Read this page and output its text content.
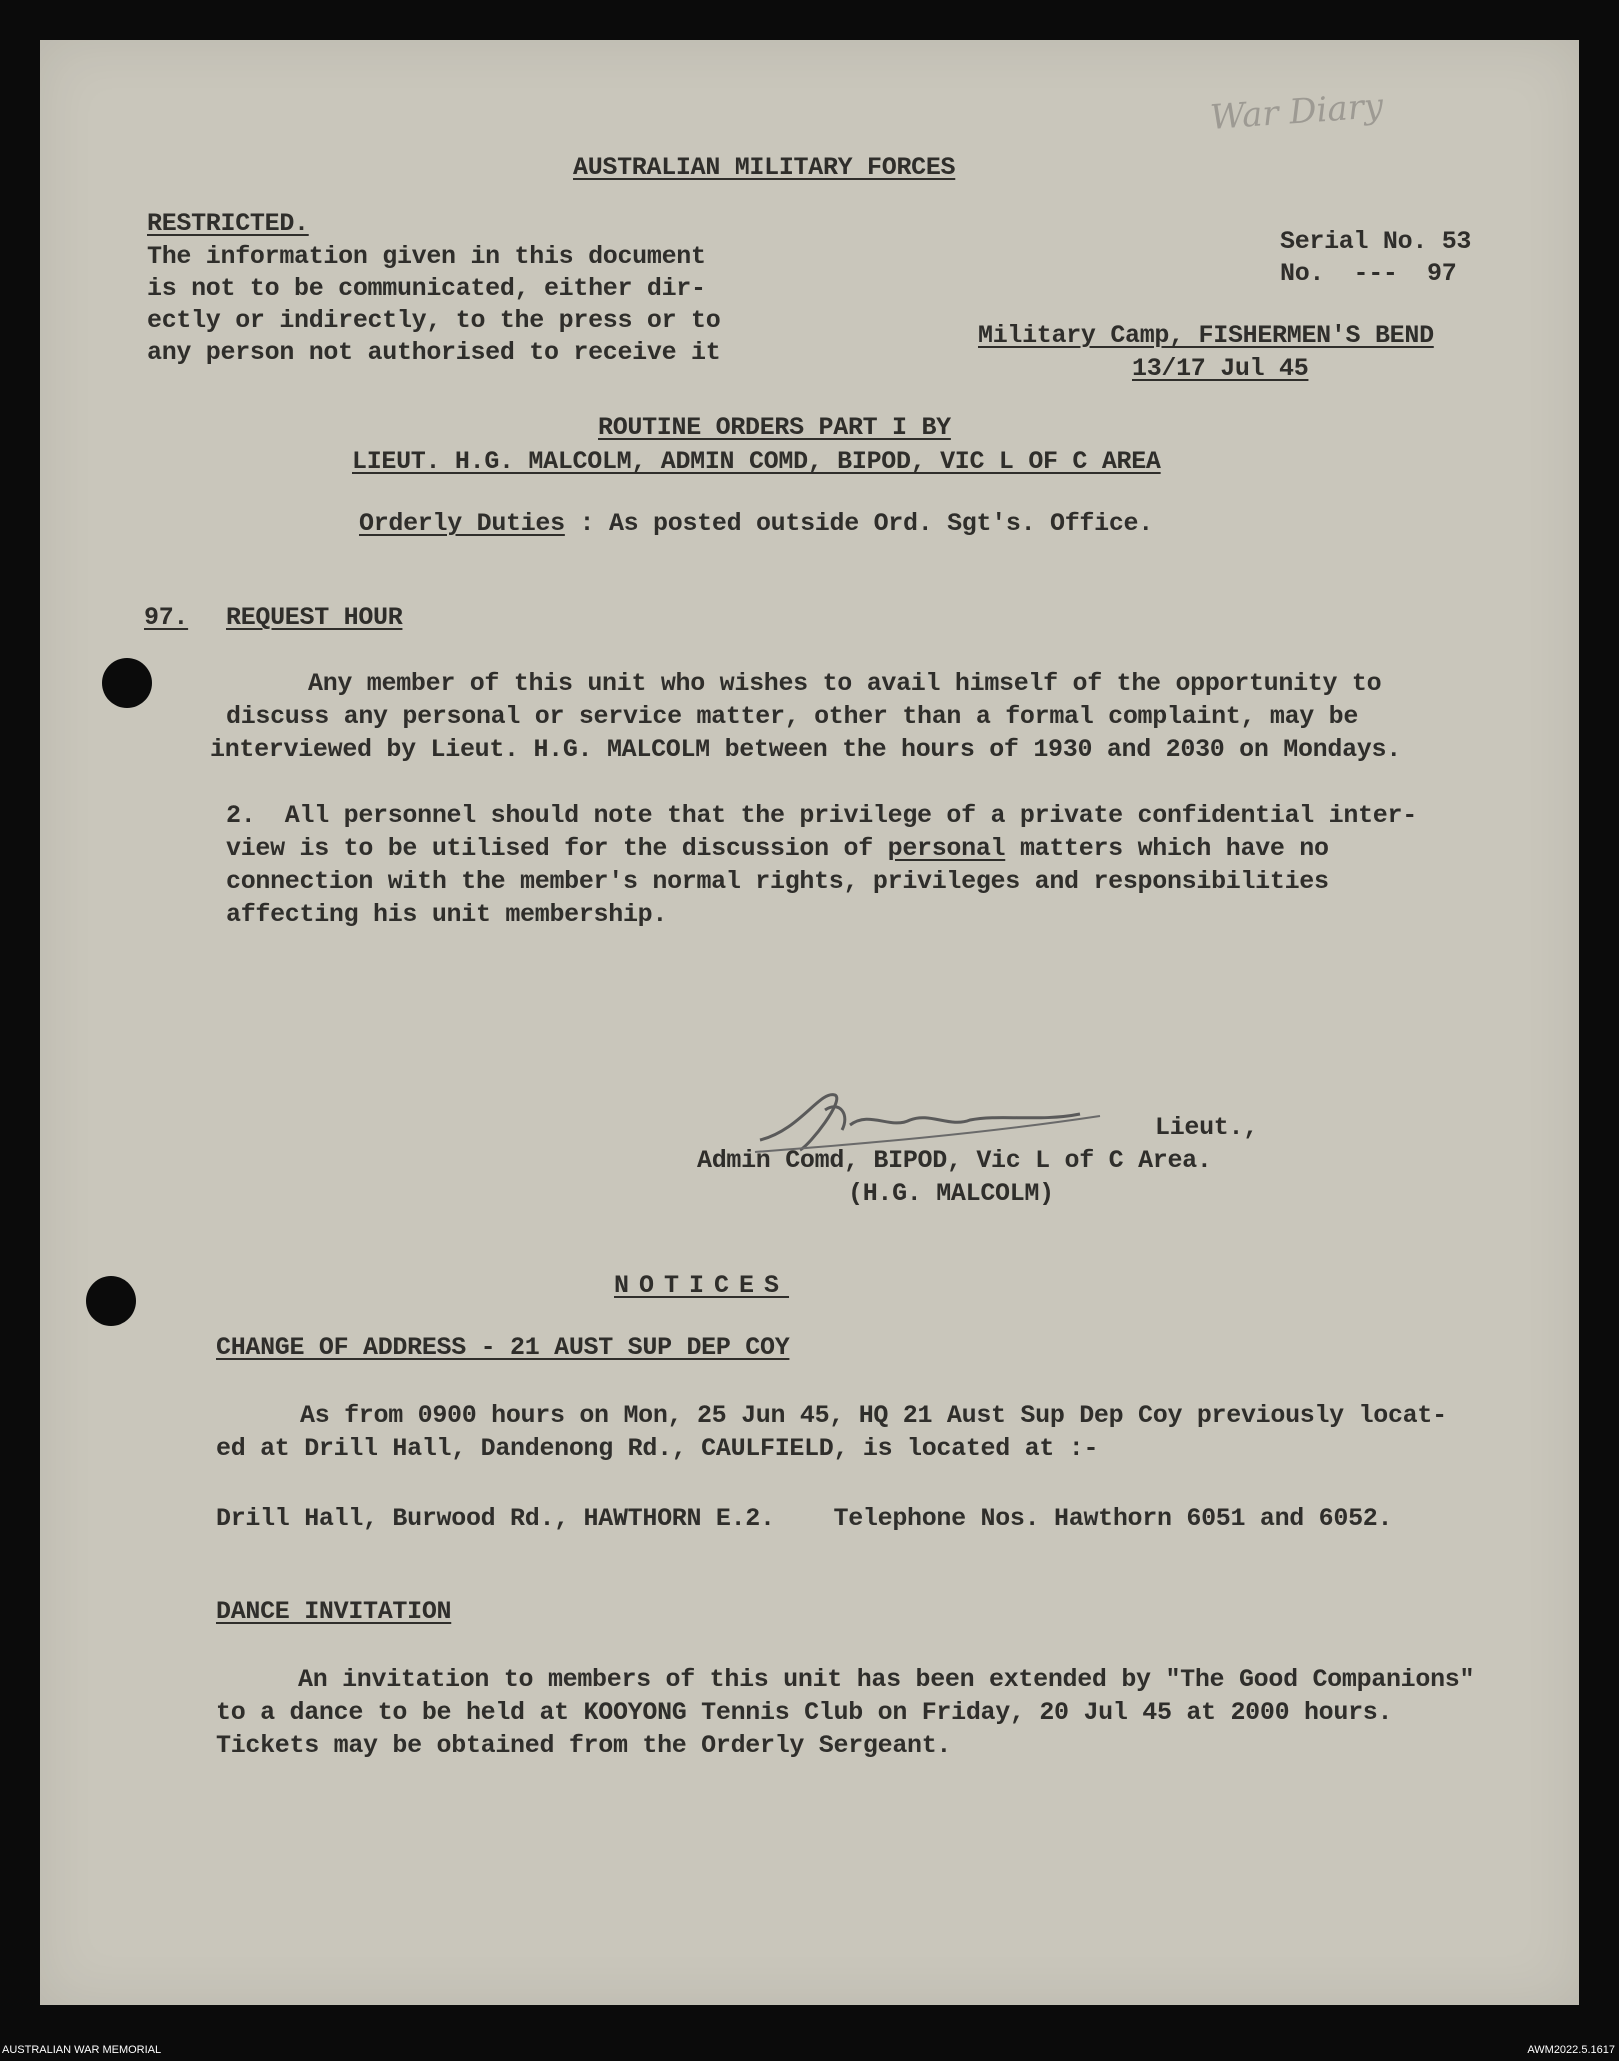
War Diary
AUSTRALIAN MILITARY FORCES
RESTRICTED.
The information given in this document
is not to be communicated, either dir-
ectly or indirectly, to the press or to
any person not authorised to receive it
Serial No. 53
No.  ---  97
Military Camp, FISHERMEN'S BEND
13/17 Jul 45
ROUTINE ORDERS PART I BY
LIEUT. H.G. MALCOLM, ADMIN COMD, BIPOD, VIC L OF C AREA
Orderly Duties : As posted outside Ord. Sgt's. Office.
97. REQUEST HOUR
Any member of this unit who wishes to avail himself of the opportunity to
discuss any personal or service matter, other than a formal complaint, may be
interviewed by Lieut. H.G. MALCOLM between the hours of 1930 and 2030 on Mondays.
2.  All personnel should note that the privilege of a private confidential inter-
view is to be utilised for the discussion of personal matters which have no
connection with the member's normal rights, privileges and responsibilities
affecting his unit membership.
Lieut.,
Admin Comd, BIPOD, Vic L of C Area.
(H.G. MALCOLM)
NOTICES
CHANGE OF ADDRESS - 21 AUST SUP DEP COY
As from 0900 hours on Mon, 25 Jun 45, HQ 21 Aust Sup Dep Coy previously locat-
ed at Drill Hall, Dandenong Rd., CAULFIELD, is located at :-
Drill Hall, Burwood Rd., HAWTHORN E.2.    Telephone Nos. Hawthorn 6051 and 6052.
DANCE INVITATION
An invitation to members of this unit has been extended by "The Good Companions"
to a dance to be held at KOOYONG Tennis Club on Friday, 20 Jul 45 at 2000 hours.
Tickets may be obtained from the Orderly Sergeant.
AUSTRALIAN WAR MEMORIAL	AWM2022.5.1617
